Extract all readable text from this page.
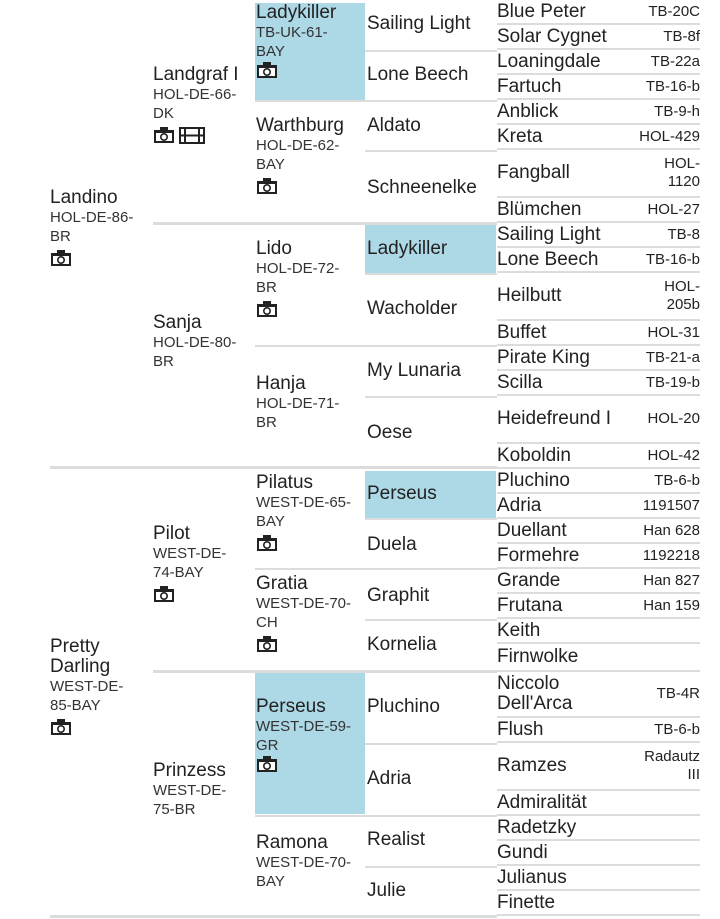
Landino
HOL-DE-86-BR
Pretty Darling
WEST-DE-85-BAY
Landgraf I
HOL-DE-66-DK
Sanja
HOL-DE-80-BR
Pilot
WEST-DE-74-BAY
Prinzess
WEST-DE-75-BR
Ladykiller
TB-UK-61-BAY
Warthburg
HOL-DE-62-BAY
Lido
HOL-DE-72-BR
Hanja
HOL-DE-71-BR
Pilatus
WEST-DE-65-BAY
Gratia
WEST-DE-70-CH
Perseus
WEST-DE-59-GR
Ramona
WEST-DE-70-BAY
Sailing Light
Lone Beech
Aldato
Schneenelke
Ladykiller
Wacholder
My Lunaria
Oese
Perseus
Duela
Graphit
Kornelia
Pluchino
Adria
Realist
Julie
Blue Peter	TB-20C
Solar Cygnet	TB-8f
Loaningdale	TB-22a
Fartuch	TB-16-b
Anblick	TB-9-h
Kreta	HOL-429
Fangball	HOL-1120
Blümchen	HOL-27
Sailing Light	TB-8
Lone Beech	TB-16-b
Heilbutt	HOL-205b
Buffet	HOL-31
Pirate King	TB-21-a
Scilla	TB-19-b
Heidefreund I	HOL-20
Koboldin	HOL-42
Pluchino	TB-6-b
Adria	1191507
Duellant	Han 628
Formehre	1192218
Grande	Han 827
Frutana	Han 159
Keith
Firnwolke
Niccolo Dell'Arca	TB-4R
Flush	TB-6-b
Ramzes	Radautz III
Admiralität
Radetzky
Gundi
Julianus
Finette
